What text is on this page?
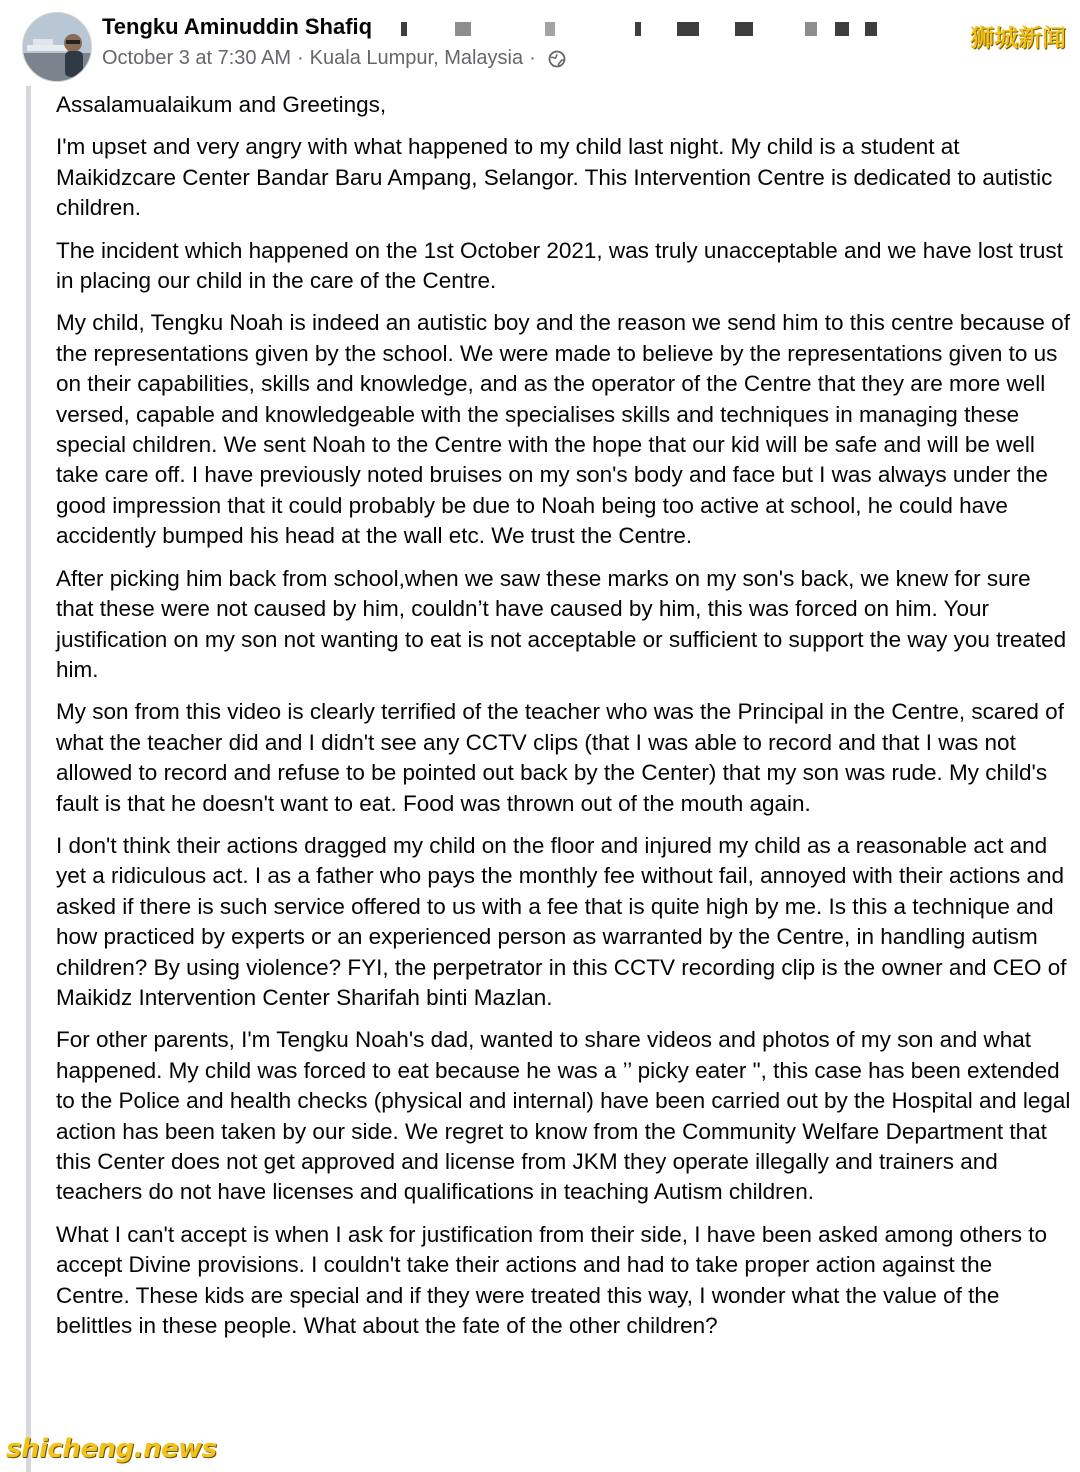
Tengku Aminuddin Shafiq
October 3 at 7:30 AM · Kuala Lumpur, Malaysia ·
狮城新闻

Assalamualaikum and Greetings,

I'm upset and very angry with what happened to my child last night. My child is a student at Maikidzcare Center Bandar Baru Ampang, Selangor. This Intervention Centre is dedicated to autistic children.

The incident which happened on the 1st October 2021, was truly unacceptable and we have lost trust in placing our child in the care of the Centre.

My child, Tengku Noah is indeed an autistic boy and the reason we send him to this centre because of the representations given by the school. We were made to believe by the representations given to us on their capabilities, skills and knowledge, and as the operator of the Centre that they are more well versed, capable and knowledgeable with the specialises skills and techniques in managing these special children. We sent Noah to the Centre with the hope that our kid will be safe and will be well take care off. I have previously noted bruises on my son's body and face but I was always under the good impression that it could probably be due to Noah being too active at school, he could have accidently bumped his head at the wall etc. We trust the Centre.

After picking him back from school,when we saw these marks on my son's back, we knew for sure that these were not caused by him, couldn’t have caused by him, this was forced on him. Your justification on my son not wanting to eat is not acceptable or sufficient to support the way you treated him.

My son from this video is clearly terrified of the teacher who was the Principal in the Centre, scared of what the teacher did and I didn't see any CCTV clips (that I was able to record and that I was not allowed to record and refuse to be pointed out back by the Center) that my son was rude. My child's fault is that he doesn't want to eat. Food was thrown out of the mouth again.

I don't think their actions dragged my child on the floor and injured my child as a reasonable act and yet a ridiculous act. I as a father who pays the monthly fee without fail, annoyed with their actions and asked if there is such service offered to us with a fee that is quite high by me. Is this a technique and how practiced by experts or an experienced person as warranted by the Centre, in handling autism children? By using violence? FYI, the perpetrator in this CCTV recording clip is the owner and CEO of Maikidz Intervention Center Sharifah binti Mazlan.

For other parents, I'm Tengku Noah's dad, wanted to share videos and photos of my son and what happened. My child was forced to eat because he was a ’’ picky eater ", this case has been extended to the Police and health checks (physical and internal) have been carried out by the Hospital and legal action has been taken by our side. We regret to know from the Community Welfare Department that this Center does not get approved and license from JKM they operate illegally and trainers and teachers do not have licenses and qualifications in teaching Autism children.

What I can't accept is when I ask for justification from their side, I have been asked among others to accept Divine provisions. I couldn't take their actions and had to take proper action against the Centre. These kids are special and if they were treated this way, I wonder what the value of the belittles in these people. What about the fate of the other children?

shicheng.news
